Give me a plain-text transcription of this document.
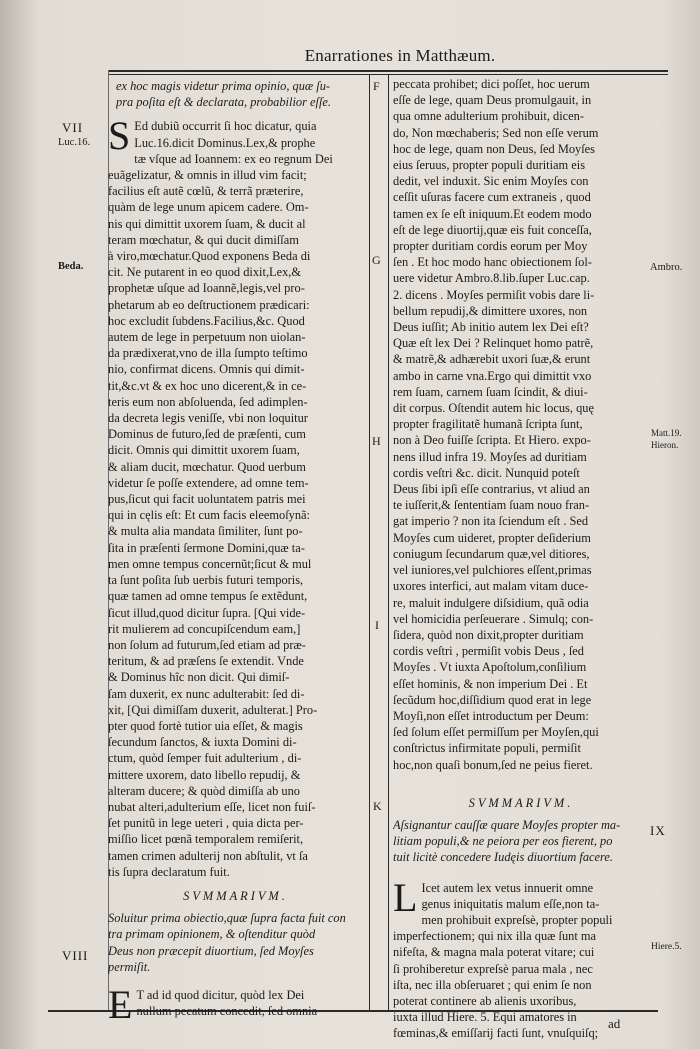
Enarrationes in Matthæum.
VII
Luc.16.
Beda.
VIII
F
G
H
I
K
Ambro.
Matt.19.
Hieron.
IX
Hiere.5.
ex hoc magis videtur prima opinio, quæ ſu-
pra poſita eſt & declarata, probabilior eſſe.
S Ed dubiũ occurrit ſi hoc dicatur, quia
Luc.16.dicit Dominus.Lex,& prophe
tæ vſque ad Ioannem: ex eo regnum Dei
euãgelizatur, & omnis in illud vim facit;
facilius eſt autẽ cœlũ, & terrã præterire,
quàm de lege unum apicem cadere. Om-
nis qui dimittit uxorem ſuam, & ducit al
teram mœchatur, & qui ducit dimiſſam
à viro,mœchatur.Quod exponens Beda di
cit. Ne putarent in eo quod dixit,Lex,&
prophetæ uſque ad Ioannẽ,legis,vel pro-
phetarum ab eo deſtructionem prædicari:
hoc excludit ſubdens.Facilius,&c. Quod
autem de lege in perpetuum non uiolan-
da prædixerat,vno de illa ſumpto teſtimo
nio, confirmat dicens. Omnis qui dimit-
tit,&c.vt & ex hoc uno dicerent,& in ce-
teris eum non abſoluenda, ſed adimplen-
da decreta legis veniſſe, vbi non loquitur
Dominus de futuro,ſed de præſenti, cum
dicit. Omnis qui dimittit uxorem ſuam,
& aliam ducit, mœchatur. Quod uerbum
videtur ſe poſſe extendere, ad omne tem-
pus,ſicut qui facit uoluntatem patris mei
qui in cęlis eſt: Et cum facis eleemoſynã:
& multa alia mandata ſimiliter, ſunt po-
ſita in præſenti ſermone Domini,quæ ta-
men omne tempus concernũt;ſicut & mul
ta ſunt poſita ſub uerbis futuri temporis,
quæ tamen ad omne tempus ſe extẽdunt,
ſicut illud,quod dicitur ſupra. [Qui vide-
rit mulierem ad concupiſcendum eam,]
non ſolum ad futurum,ſed etiam ad præ-
teritum, & ad præſens ſe extendit. Vnde
& Dominus hîc non dicit. Qui dimiſ-
ſam duxerit, ex nunc adulterabit: ſed di-
xit, [Qui dimiſſam duxerit, adulterat.] Pro-
pter quod fortè tutior uia eſſet, & magis
ſecundum ſanctos, & iuxta Domini di-
ctum, quòd ſemper fuit adulterium , di-
mittere uxorem, dato libello repudij, &
alteram ducere; & quòd dimiſſa ab uno
nubat alteri,adulterium eſſe, licet non fuiſ-
ſet punitũ in lege ueteri , quia dicta per-
miſſio licet pœnã temporalem remiſerit,
tamen crimen adulterij non abſtulit, vt ſa
tis ſupra declaratum fuit.
SVMMARIVM.
Soluitur prima obiectio,quæ ſupra facta fuit con
tra primam opinionem, & oſtenditur quòd
Deus non præcepit diuortium, ſed Moyſes
permiſit.
E T ad id quod dicitur, quòd lex Dei
nullum pecatum concedit, ſed omnia
peccata prohibet; dici poſſet, hoc uerum
eſſe de lege, quam Deus promulgauit, in
qua omne adulterium prohibuit, dicen-
do, Non mœchaberis; Sed non eſſe verum
hoc de lege, quam non Deus, ſed Moyſes
eius ſeruus, propter populi duritiam eis
dedit, vel induxit. Sic enim Moyſes con
ceſſit uſuras facere cum extraneis , quod
tamen ex ſe eſt iniquum.Et eodem modo
eſt de lege diuortij,quæ eis fuit conceſſa,
propter duritiam cordis eorum per Moy
ſen . Et hoc modo hanc obiectionem ſol-
uere videtur Ambro.8.lib.ſuper Luc.cap.
2. dicens . Moyſes permiſit vobis dare li-
bellum repudij,& dimittere uxores, non
Deus iuſſit; Ab initio autem lex Dei eſt?
Quæ eſt lex Dei ? Relinquet homo patrẽ,
& matrẽ,& adhærebit uxori ſuæ,& erunt
ambo in carne vna.Ergo qui dimittit vxo
rem ſuam, carnem ſuam ſcindit, & diui-
dit corpus. Oſtendit autem hic locus, quę
propter fragilitatẽ humanã ſcripta ſunt,
non à Deo fuiſſe ſcripta. Et Hiero. expo-
nens illud infra 19. Moyſes ad duritiam
cordis veſtri &c. dicit. Nunquid poteſt
Deus ſibi ipſi eſſe contrarius, vt aliud an
te iuſſerit,& ſententiam ſuam nouo fran-
gat imperio ? non ita ſciendum eſt . Sed
Moyſes cum uideret, propter deſiderium
coniugum ſecundarum quæ,vel ditiores,
vel iuniores,vel pulchiores eſſent,primas
uxores interfici, aut malam vitam duce-
re, maluit indulgere diſsidium, quã odia
vel homicidia perſeuerare . Simulq; con-
ſidera, quòd non dixit,propter duritiam
cordis veſtri , permiſit vobis Deus , ſed
Moyſes . Vt iuxta Apoſtolum,conſilium
eſſet hominis, & non imperium Dei . Et
ſecũdum hoc,diſſidium quod erat in lege
Moyſi,non eſſet introductum per Deum:
ſed ſolum eſſet permiſſum per Moyſen,qui
conſtrictus infirmitate populi, permiſit
hoc,non quaſi bonum,ſed ne peius fieret.
SVMMARIVM.
Aſsignantur cauſſæ quare Moyſes propter ma-
litiam populi,& ne peiora per eos fierent, po
tuit licitè concedere Iudęis diuortium facere.
L Icet autem lex vetus innuerit omne
genus iniquitatis malum eſſe,non ta-
men prohibuit expreſsè, propter populi
imperfectionem; qui nix illa quæ ſunt ma
nifeſta, & magna mala poterat vitare; cui
ſi prohiberetur expreſsè parua mala , nec
iſta, nec illa obſeruaret ; qui enim ſe non
poterat continere ab alienis uxoribus,
iuxta illud Hiere. 5. Equi amatores in
fœminas,& emiſſarij facti ſunt, vnuſquiſq;
ad
